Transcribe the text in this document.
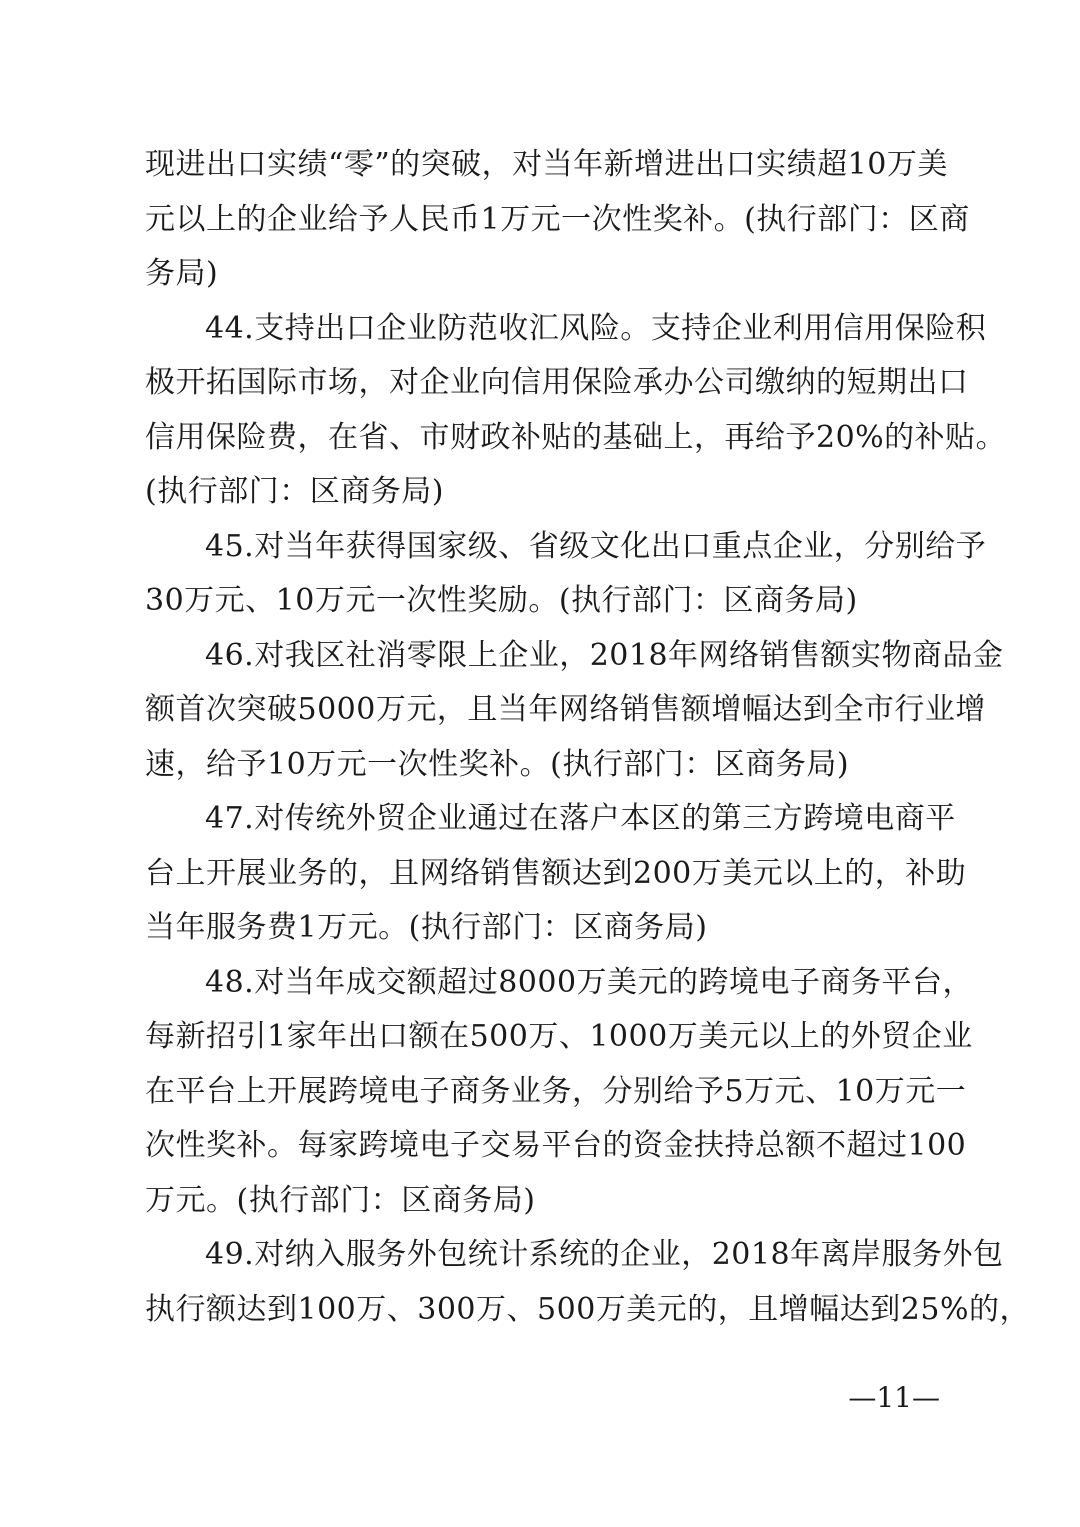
现进出口实绩“零”的突破，对当年新增进出口实绩超10万美
元以上的企业给予人民币1万元一次性奖补。(执行部门：区商
务局)
44.支持出口企业防范收汇风险。支持企业利用信用保险积
极开拓国际市场，对企业向信用保险承办公司缴纳的短期出口
信用保险费，在省、市财政补贴的基础上，再给予20%的补贴。
(执行部门：区商务局)
45.对当年获得国家级、省级文化出口重点企业，分别给予
30万元、10万元一次性奖励。(执行部门：区商务局)
46.对我区社消零限上企业，2018年网络销售额实物商品金
额首次突破5000万元，且当年网络销售额增幅达到全市行业增
速，给予10万元一次性奖补。(执行部门：区商务局)
47.对传统外贸企业通过在落户本区的第三方跨境电商平
台上开展业务的，且网络销售额达到200万美元以上的，补助
当年服务费1万元。(执行部门：区商务局)
48.对当年成交额超过8000万美元的跨境电子商务平台，
每新招引1家年出口额在500万、1000万美元以上的外贸企业
在平台上开展跨境电子商务业务，分别给予5万元、10万元一
次性奖补。每家跨境电子交易平台的资金扶持总额不超过100
万元。(执行部门：区商务局)
49.对纳入服务外包统计系统的企业，2018年离岸服务外包
执行额达到100万、300万、500万美元的，且增幅达到25%的，
—11—
